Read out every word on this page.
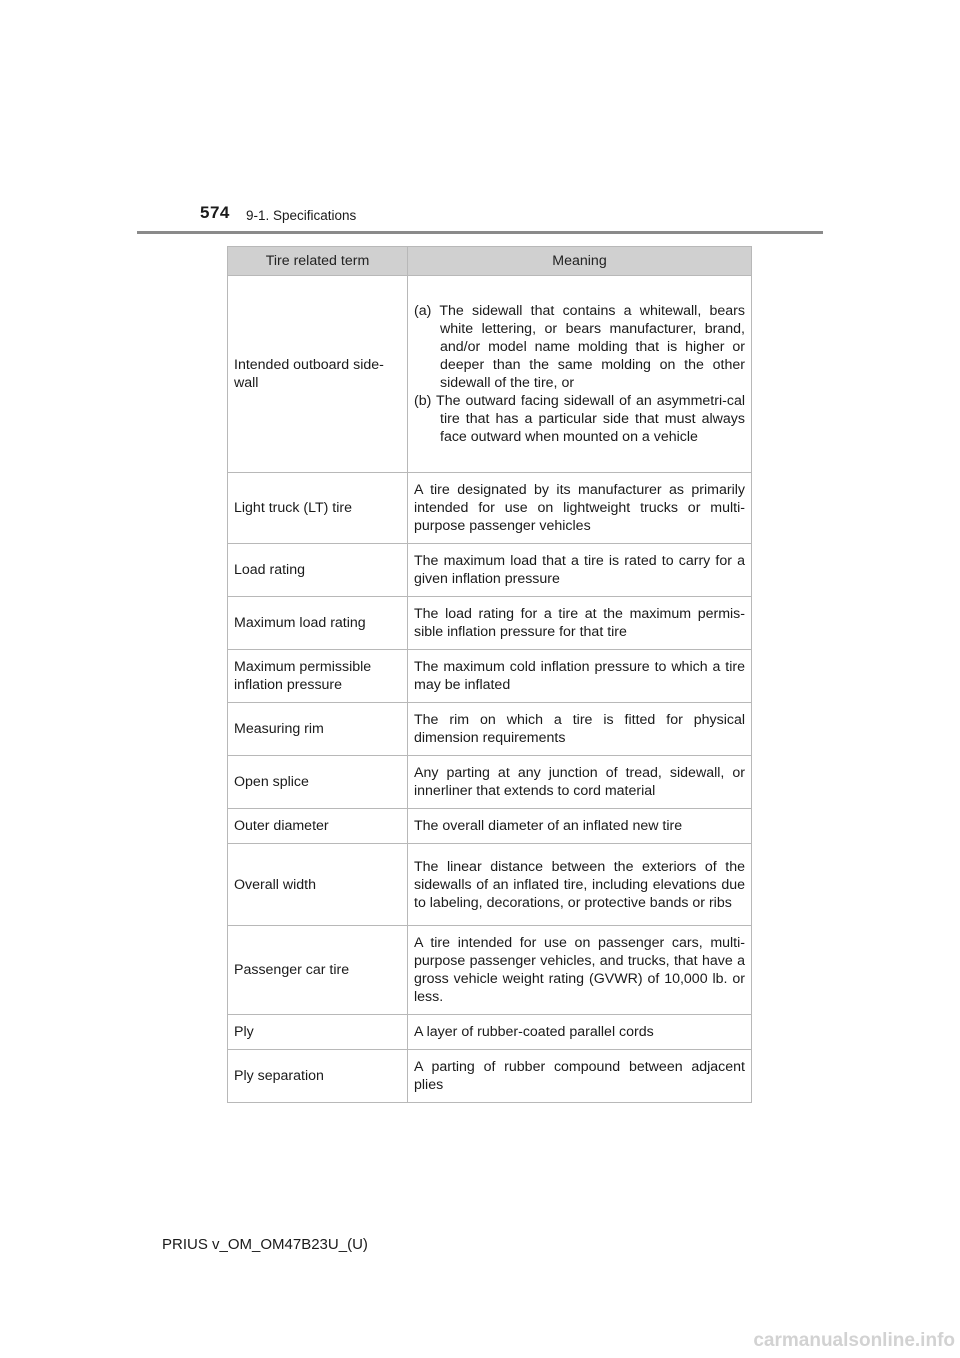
574 9-1. Specifications
Tire related term	Meaning
Intended outboard side-wall	(a) The sidewall that contains a whitewall, bears white lettering, or bears manufacturer, brand, and/or model name molding that is higher or deeper than the same molding on the other sidewall of the tire, or
(b) The outward facing sidewall of an asymmetri-cal tire that has a particular side that must always face outward when mounted on a vehicle

Light truck (LT) tire	A tire designated by its manufacturer as primarily intended for use on lightweight trucks or multi-purpose passenger vehicles
Load rating	The maximum load that a tire is rated to carry for a given inflation pressure
Maximum load rating	The load rating for a tire at the maximum permis-sible inflation pressure for that tire
Maximum permissible inflation pressure	The maximum cold inflation pressure to which a tire may be inflated
Measuring rim	The rim on which a tire is fitted for physical dimension requirements
Open splice	Any parting at any junction of tread, sidewall, or innerliner that extends to cord material
Outer diameter	The overall diameter of an inflated new tire
Overall width	The linear distance between the exteriors of the sidewalls of an inflated tire, including elevations due to labeling, decorations, or protective bands or ribs
Passenger car tire	A tire intended for use on passenger cars, multi-purpose passenger vehicles, and trucks, that have a gross vehicle weight rating (GVWR) of 10,000 lb. or less.
Ply	A layer of rubber-coated parallel cords
Ply separation	A parting of rubber compound between adjacent plies
PRIUS v_OM_OM47B23U_(U)
carmanualsonline.info
